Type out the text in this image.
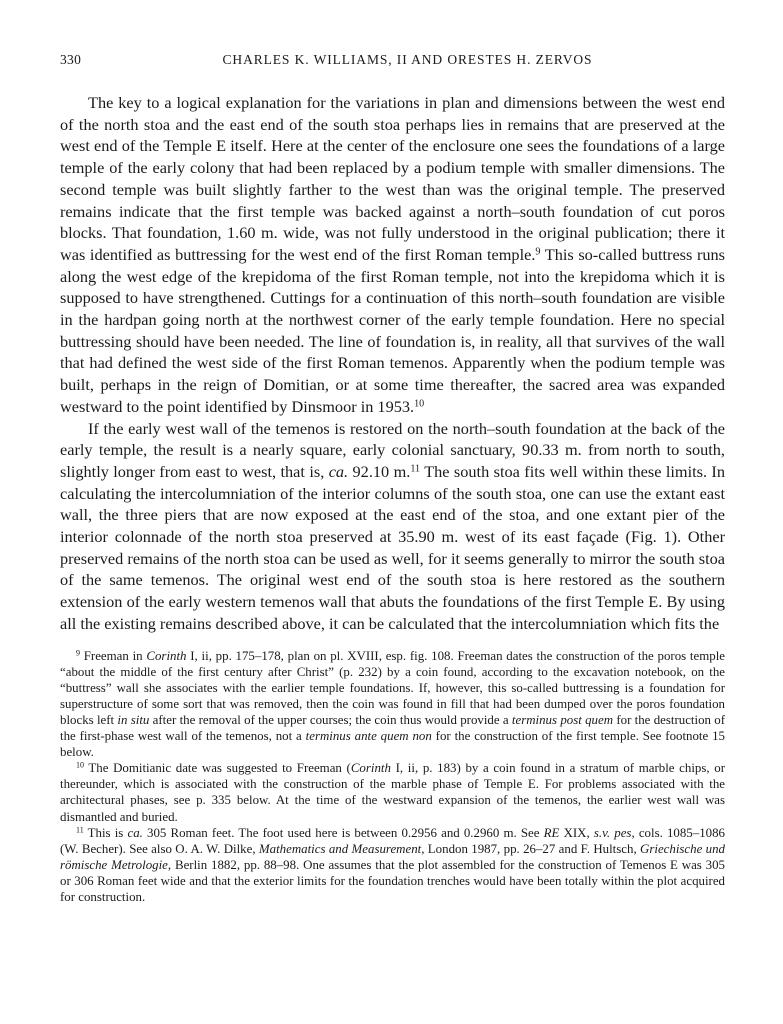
330	CHARLES K. WILLIAMS, II AND ORESTES H. ZERVOS

The key to a logical explanation for the variations in plan and dimensions between the west end of the north stoa and the east end of the south stoa perhaps lies in remains that are preserved at the west end of the Temple E itself. Here at the center of the enclosure one sees the foundations of a large temple of the early colony that had been replaced by a podium temple with smaller dimensions. The second temple was built slightly farther to the west than was the original temple. The preserved remains indicate that the first temple was backed against a north–south foundation of cut poros blocks. That foundation, 1.60 m. wide, was not fully understood in the original publication; there it was identified as buttressing for the west end of the first Roman temple.$^9$ This so-called buttress runs along the west edge of the krepidoma of the first Roman temple, not into the krepidoma which it is supposed to have strengthened. Cuttings for a continuation of this north–south foundation are visible in the hardpan going north at the northwest corner of the early temple foundation. Here no special buttressing should have been needed. The line of foundation is, in reality, all that survives of the wall that had defined the west side of the first Roman temenos. Apparently when the podium temple was built, perhaps in the reign of Domitian, or at some time thereafter, the sacred area was expanded westward to the point identified by Dinsmoor in 1953.10

If the early west wall of the temenos is restored on the north–south foundation at the back of the early temple, the result is a nearly square, early colonial sanctuary, 90.33 m. from north to south, slightly longer from east to west, that is, ca. 92.10 m.$^{11}$ The south stoa fits well within these limits. In calculating the intercolumniation of the interior columns of the south stoa, one can use the extant east wall, the three piers that are now exposed at the east end of the stoa, and one extant pier of the interior colonnade of the north stoa preserved at 35.90 m. west of its east façade (Fig. 1). Other preserved remains of the north stoa can be used as well, for it seems generally to mirror the south stoa of the same temenos. The original west end of the south stoa is here restored as the southern extension of the early western temenos wall that abuts the foundations of the first Temple E. By using all the existing remains described above, it can be calculated that the intercolumniation which fits the

$^9$ Freeman in Corinth I, ii, pp. 175–178, plan on pl. XVIII, esp. fig. 108. Freeman dates the construction of the poros temple “about the middle of the first century after Christ” (p. 232) by a coin found, according to the excavation notebook, on the “buttress” wall she associates with the earlier temple foundations. If, however, this so-called buttressing is a foundation for superstructure of some sort that was removed, then the coin was found in fill that had been dumped over the poros foundation blocks left in situ after the removal of the upper courses; the coin thus would provide a terminus post quem for the destruction of the first-phase west wall of the temenos, not a terminus ante quem non for the construction of the first temple. See footnote 15 below.

$^{10}$ The Domitianic date was suggested to Freeman (Corinth I, ii, p. 183) by a coin found in a stratum of marble chips, or thereunder, which is associated with the construction of the marble phase of Temple E. For problems associated with the architectural phases, see p. 335 below. At the time of the westward expansion of the temenos, the earlier west wall was dismantled and buried.

$^{11}$ This is ca. 305 Roman feet. The foot used here is between 0.2956 and 0.2960 m. See RE XIX, s.v. pes, cols. 1085–1086 (W. Becher). See also O. A. W. Dilke, Mathematics and Measurement, London 1987, pp. 26–27 and F. Hultsch, Griechische und römische Metrologie, Berlin 1882, pp. 88–98. One assumes that the plot assembled for the construction of Temenos E was 305 or 306 Roman feet wide and that the exterior limits for the foundation trenches would have been totally within the plot acquired for construction.
